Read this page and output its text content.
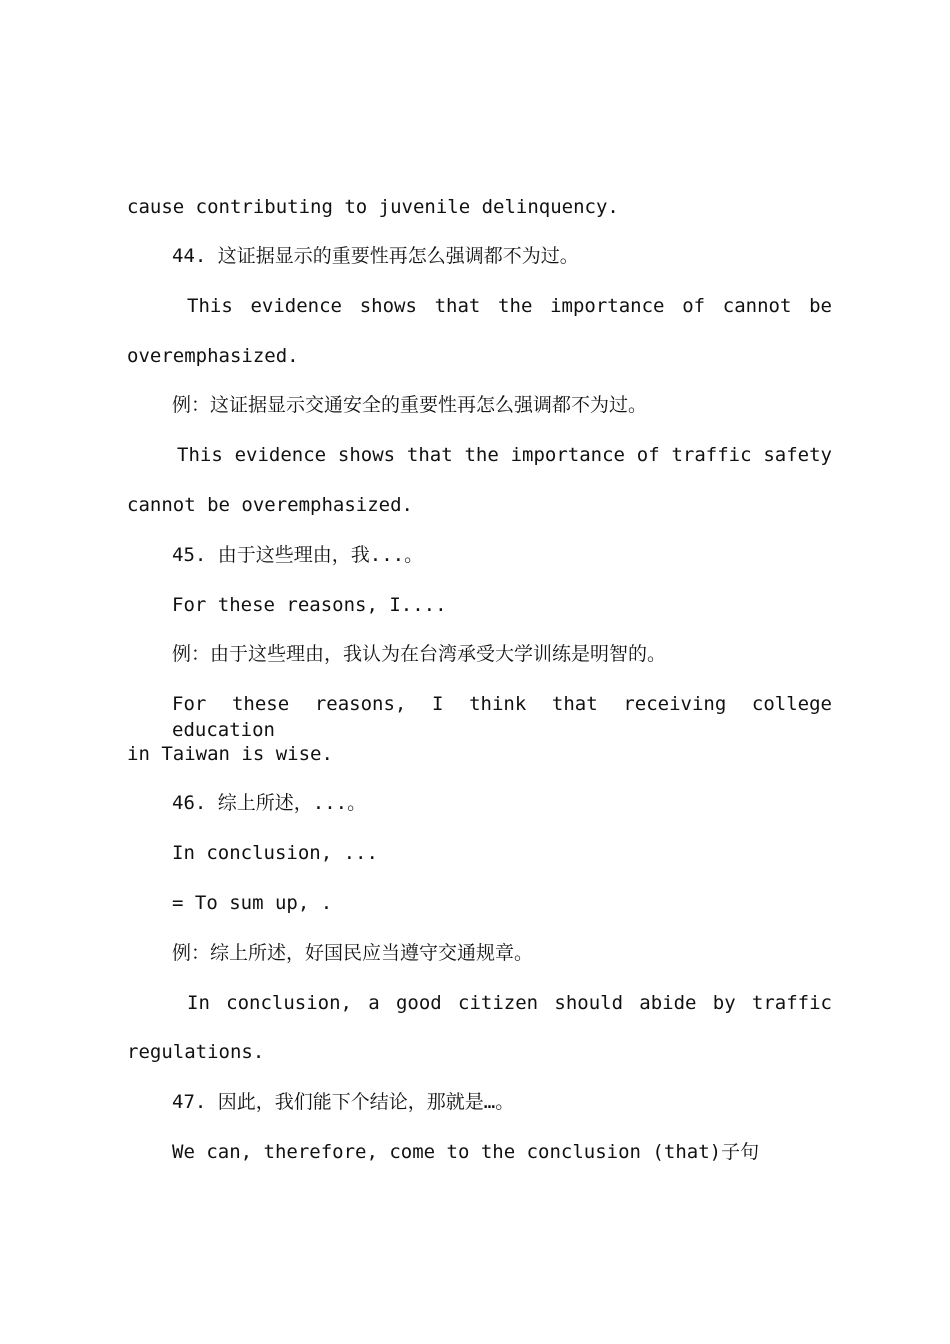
cause contributing to juvenile delinquency.
44. 这证据显示的重要性再怎么强调都不为过。
This evidence shows that the importance of cannot be
overemphasized.
例：这证据显示交通安全的重要性再怎么强调都不为过。
This evidence shows that the importance of traffic safety
cannot be overemphasized.
45. 由于这些理由，我...。
For these reasons, I....
例：由于这些理由，我认为在台湾承受大学训练是明智的。
For these reasons, I think that receiving college education
in Taiwan is wise.
46. 综上所述，...。
In conclusion, ...
= To sum up, .
例：综上所述，好国民应当遵守交通规章。
In conclusion, a good citizen should abide by traffic
regulations.
47. 因此，我们能下个结论，那就是…。
We can, therefore, come to the conclusion (that)子句
